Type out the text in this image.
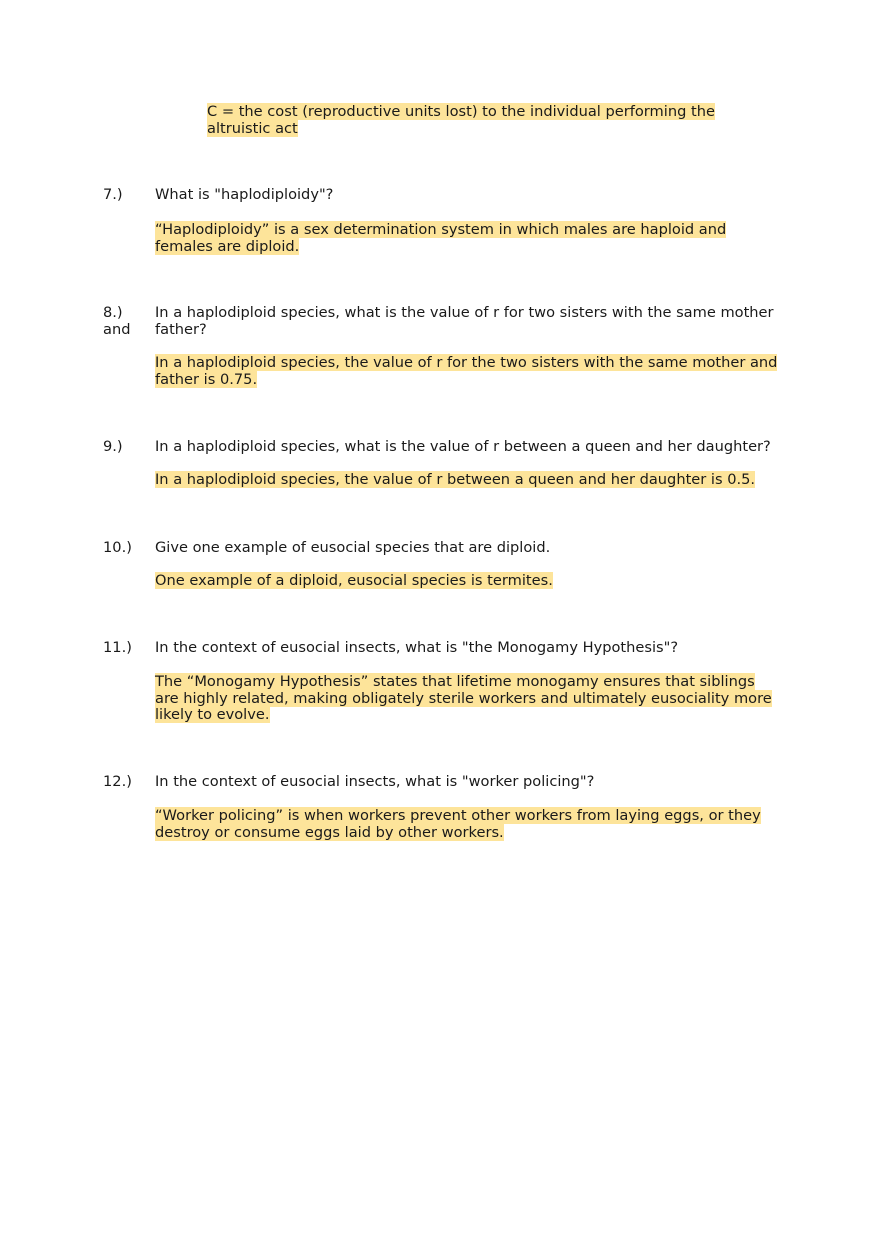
C = the cost (reproductive units lost) to the individual performing the altruistic act
7.)	What is "haplodiploidy"?
“Haplodiploidy” is a sex determination system in which males are haploid and females are diploid.
8.) and
In a haplodiploid species, what is the value of r for two sisters with the same mother father?
In a haplodiploid species, the value of r for the two sisters with the same mother and father is 0.75.
9.)	In a haplodiploid species, what is the value of r between a queen and her daughter?
In a haplodiploid species, the value of r between a queen and her daughter is 0.5.
10.)	Give one example of eusocial species that are diploid.
One example of a diploid, eusocial species is termites.
11.)	In the context of eusocial insects, what is "the Monogamy Hypothesis"?
The “Monogamy Hypothesis” states that lifetime monogamy ensures that siblings are highly related, making obligately sterile workers and ultimately eusociality more likely to evolve.
12.)	In the context of eusocial insects, what is "worker policing"?
“Worker policing” is when workers prevent other workers from laying eggs, or they destroy or consume eggs laid by other workers.
